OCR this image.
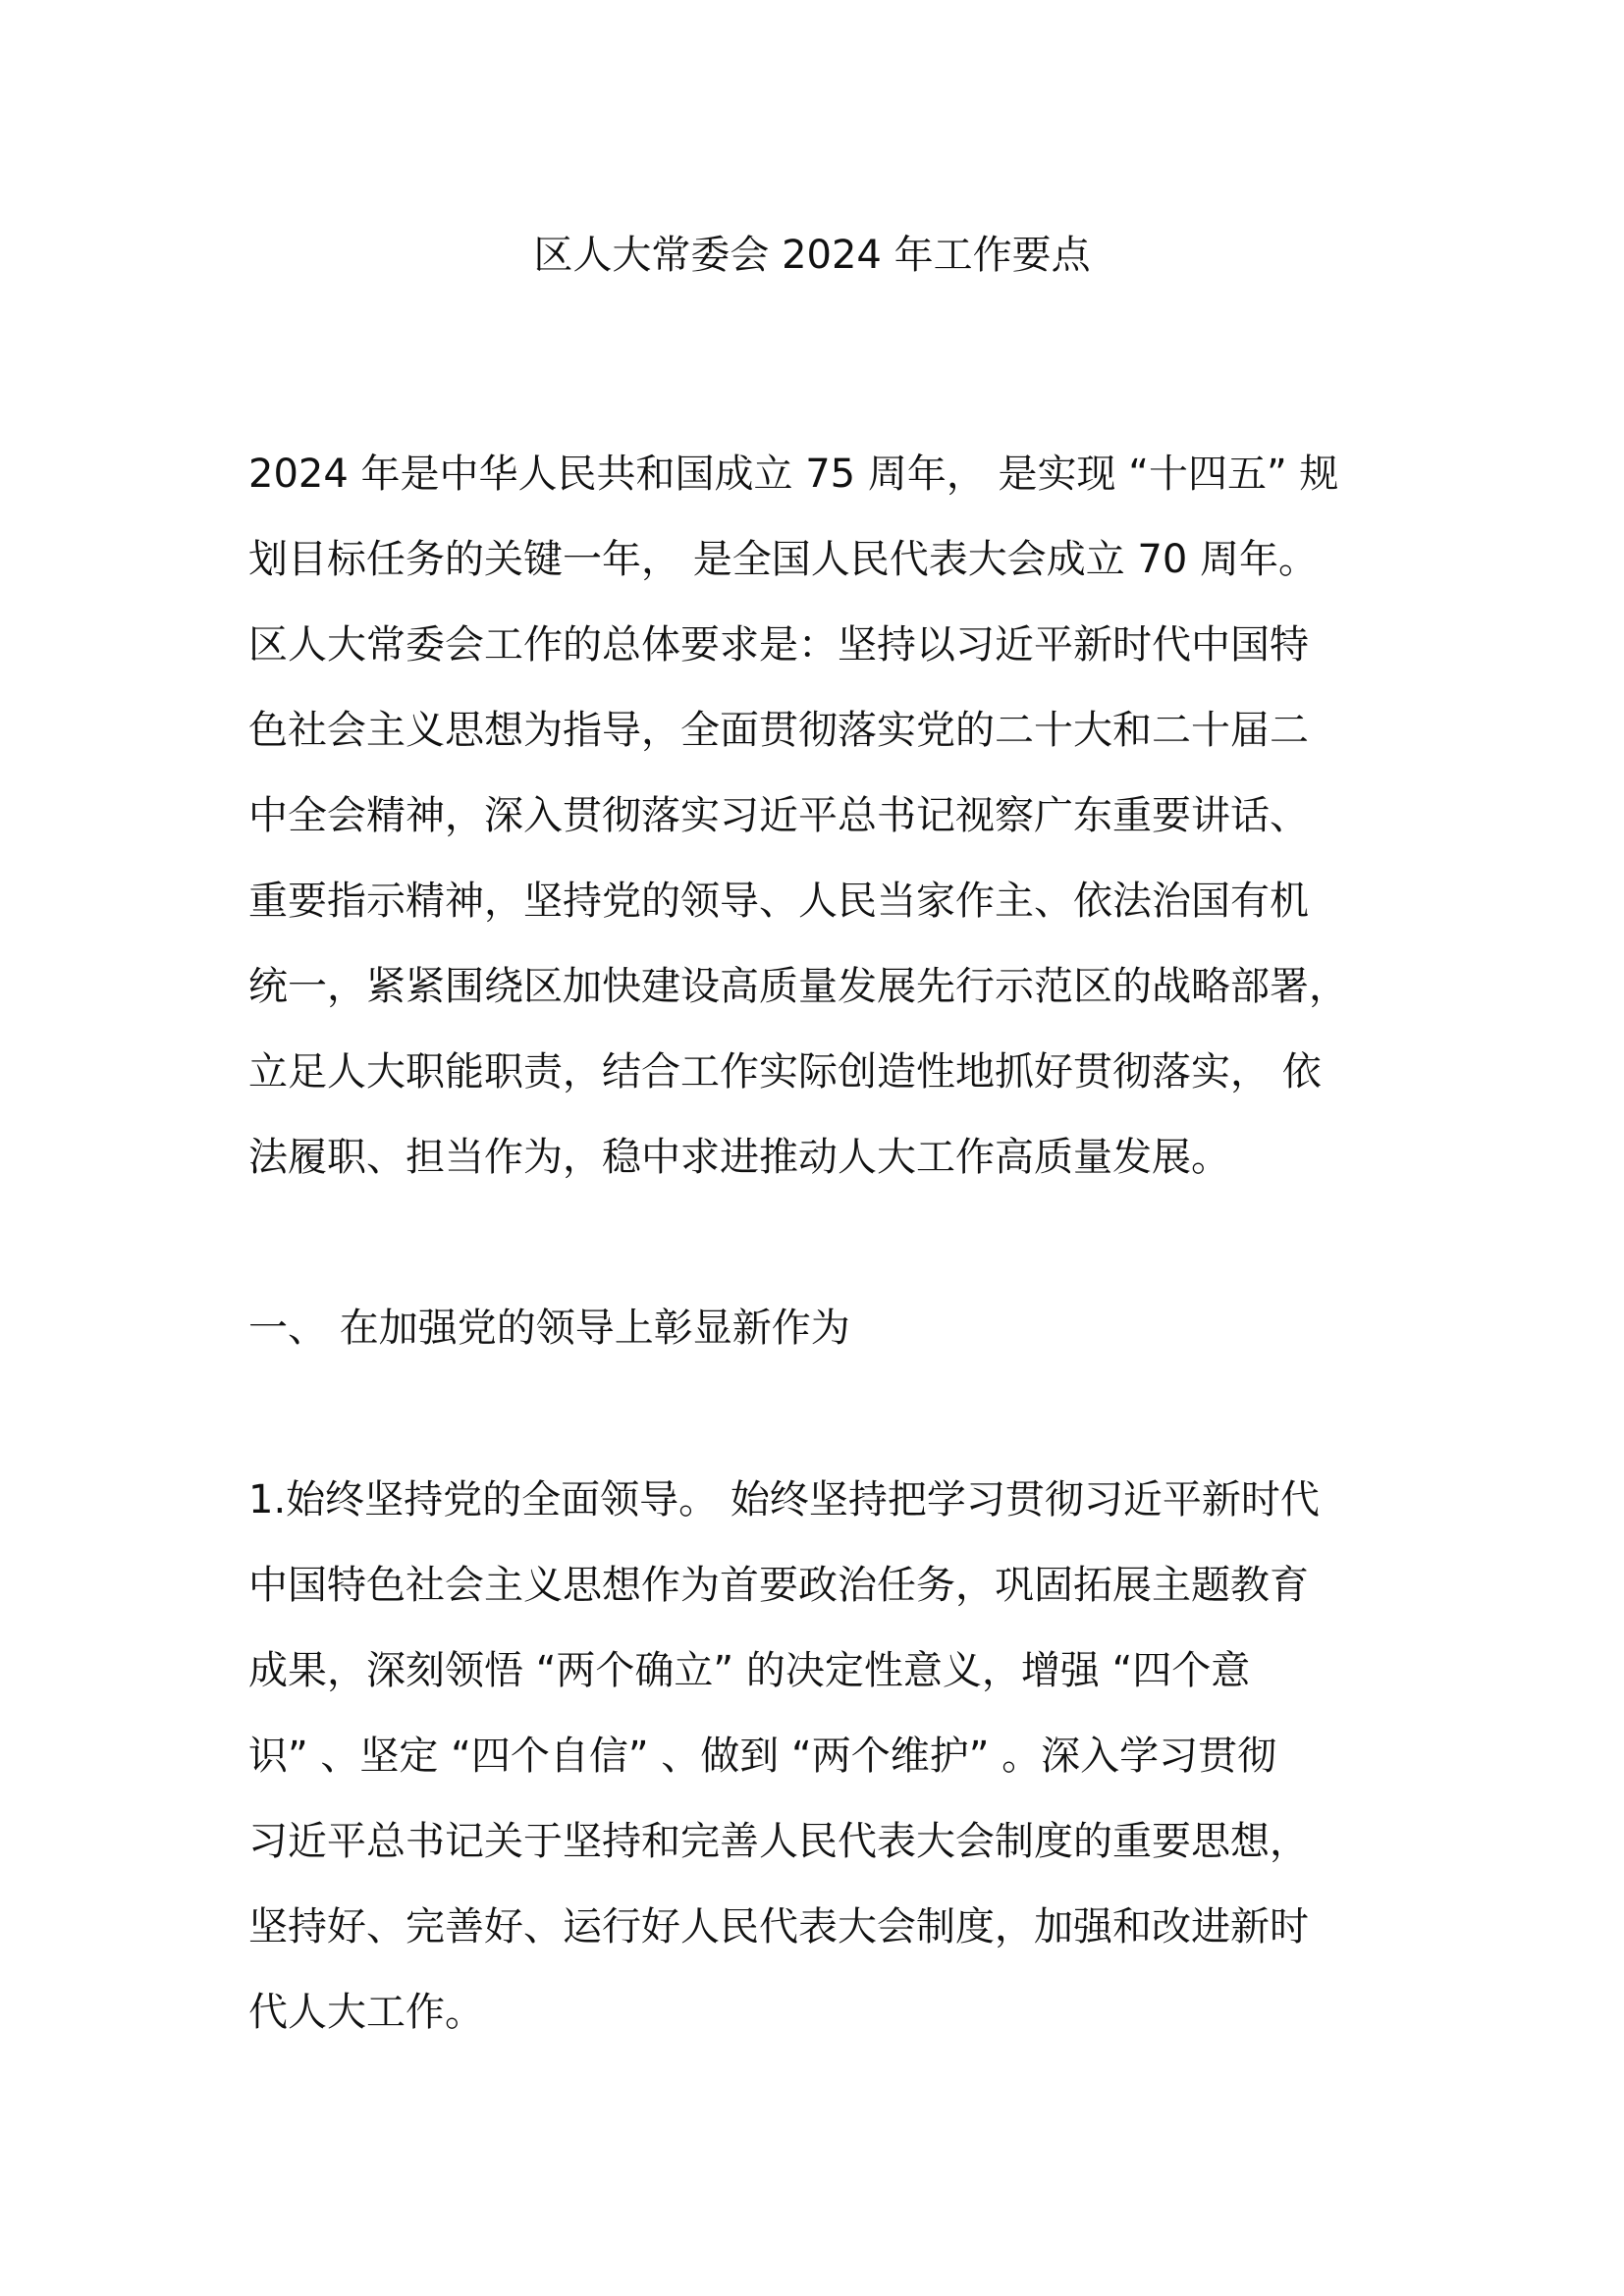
区人大常委会 2024 年工作要点
2024 年是中华人民共和国成立 75 周年， 是实现 “十四五” 规
划目标任务的关键一年， 是全国人民代表大会成立 70 周年。
区人大常委会工作的总体要求是：坚持以习近平新时代中国特
色社会主义思想为指导，全面贯彻落实党的二十大和二十届二
中全会精神，深入贯彻落实习近平总书记视察广东重要讲话、
重要指示精神，坚持党的领导、人民当家作主、依法治国有机
统一，紧紧围绕区加快建设高质量发展先行示范区的战略部署，
立足人大职能职责，结合工作实际创造性地抓好贯彻落实， 依
法履职、担当作为，稳中求进推动人大工作高质量发展。
一、 在加强党的领导上彰显新作为
1.始终坚持党的全面领导。 始终坚持把学习贯彻习近平新时代
中国特色社会主义思想作为首要政治任务，巩固拓展主题教育
成果，深刻领悟 “两个确立” 的决定性意义，增强 “四个意
识” 、坚定 “四个自信” 、做到 “两个维护” 。深入学习贯彻
习近平总书记关于坚持和完善人民代表大会制度的重要思想，
坚持好、完善好、运行好人民代表大会制度，加强和改进新时
代人大工作。
